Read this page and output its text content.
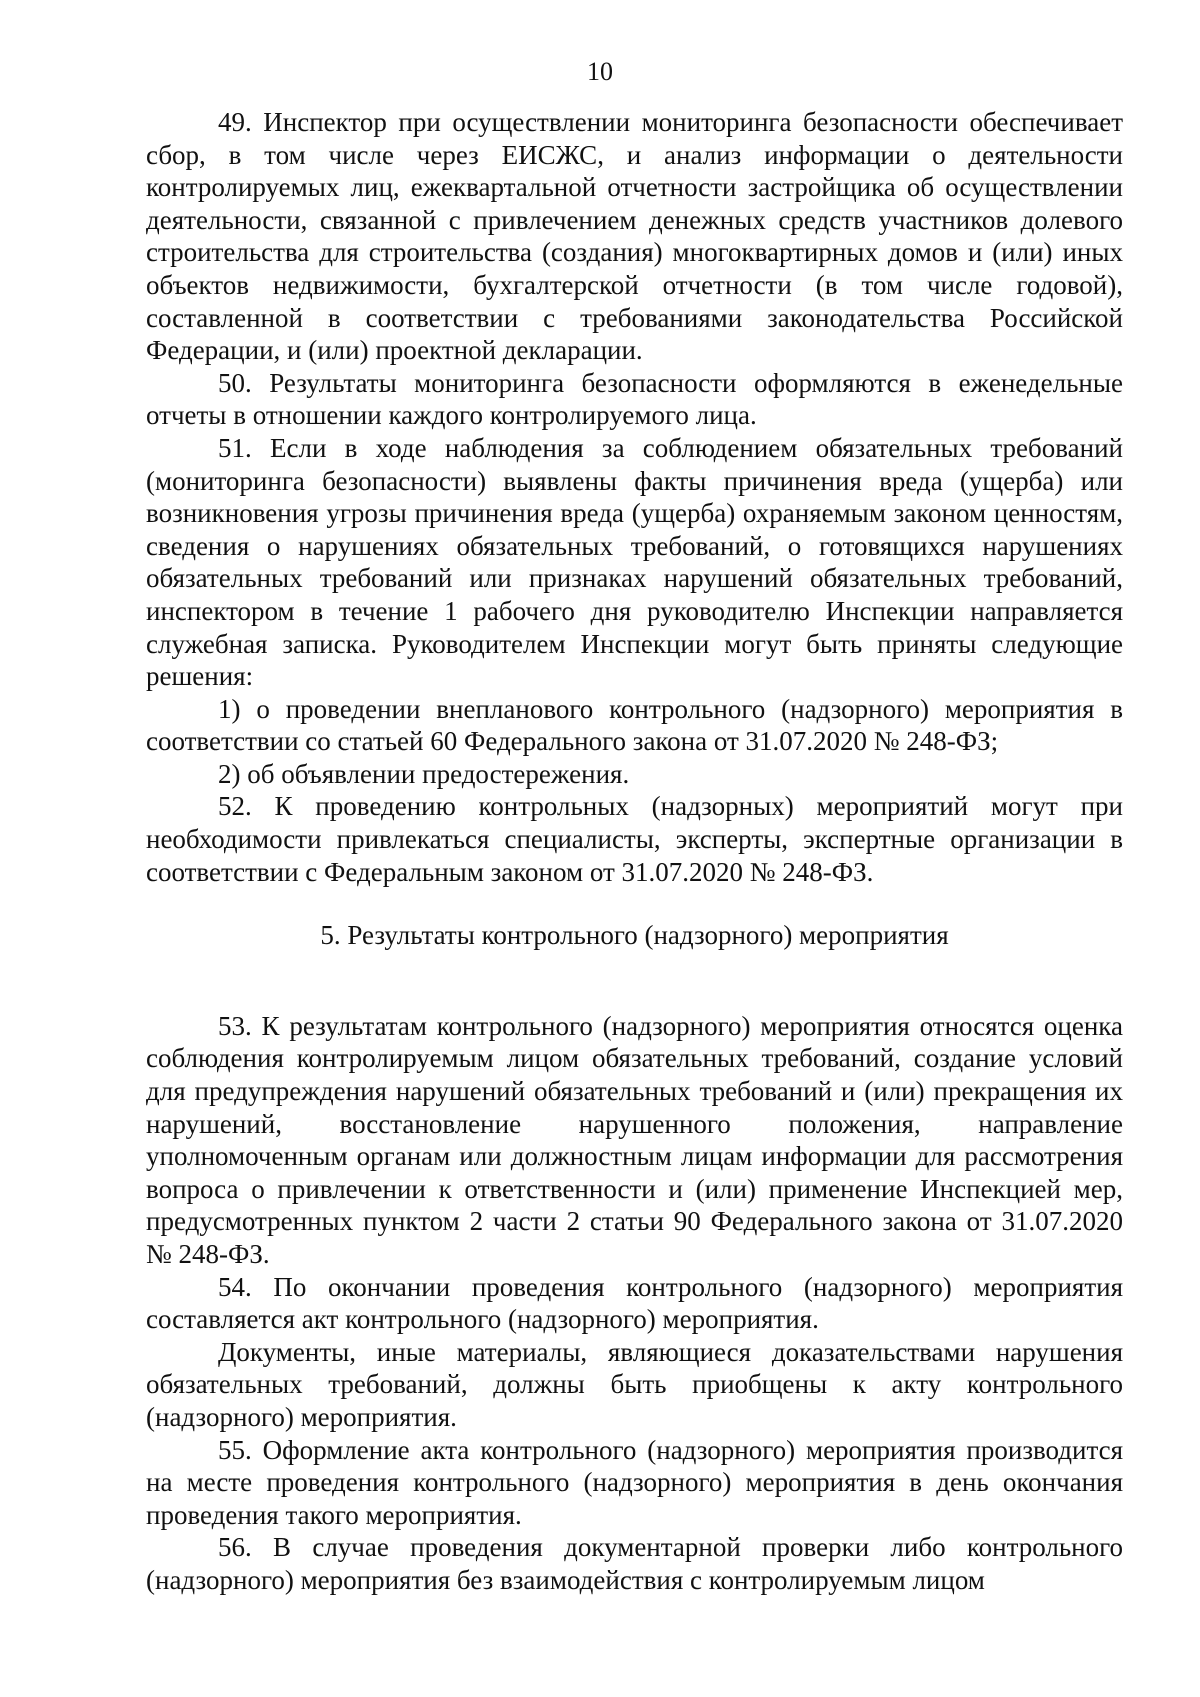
10

49. Инспектор при осуществлении мониторинга безопасности обеспечивает сбор, в том числе через ЕИСЖС, и анализ информации о деятельности контролируемых лиц, ежеквартальной отчетности застройщика об осуществлении деятельности, связанной с привлечением денежных средств участников долевого строительства для строительства (создания) многоквартирных домов и (или) иных объектов недвижимости, бухгалтерской отчетности (в том числе годовой), составленной в соответствии с требованиями законодательства Российской Федерации, и (или) проектной декларации.

50. Результаты мониторинга безопасности оформляются в еженедельные отчеты в отношении каждого контролируемого лица.

51. Если в ходе наблюдения за соблюдением обязательных требований (мониторинга безопасности) выявлены факты причинения вреда (ущерба) или возникновения угрозы причинения вреда (ущерба) охраняемым законом ценностям, сведения о нарушениях обязательных требований, о готовящихся нарушениях обязательных требований или признаках нарушений обязательных требований, инспектором в течение 1 рабочего дня руководителю Инспекции направляется служебная записка. Руководителем Инспекции могут быть приняты следующие решения:

1) о проведении внепланового контрольного (надзорного) мероприятия в соответствии со статьей 60 Федерального закона от 31.07.2020 № 248-ФЗ;

2) об объявлении предостережения.

52. К проведению контрольных (надзорных) мероприятий могут при необходимости привлекаться специалисты, эксперты, экспертные организации в соответствии с Федеральным законом от 31.07.2020 № 248-ФЗ.

5. Результаты контрольного (надзорного) мероприятия

53. К результатам контрольного (надзорного) мероприятия относятся оценка соблюдения контролируемым лицом обязательных требований, создание условий для предупреждения нарушений обязательных требований и (или) прекращения их нарушений, восстановление нарушенного положения, направление уполномоченным органам или должностным лицам информации для рассмотрения вопроса о привлечении к ответственности и (или) применение Инспекцией мер, предусмотренных пунктом 2 части 2 статьи 90 Федерального закона от 31.07.2020 № 248-ФЗ.

54. По окончании проведения контрольного (надзорного) мероприятия составляется акт контрольного (надзорного) мероприятия.

Документы, иные материалы, являющиеся доказательствами нарушения обязательных требований, должны быть приобщены к акту контрольного (надзорного) мероприятия.

55. Оформление акта контрольного (надзорного) мероприятия производится на месте проведения контрольного (надзорного) мероприятия в день окончания проведения такого мероприятия.

56. В случае проведения документарной проверки либо контрольного (надзорного) мероприятия без взаимодействия с контролируемым лицом
